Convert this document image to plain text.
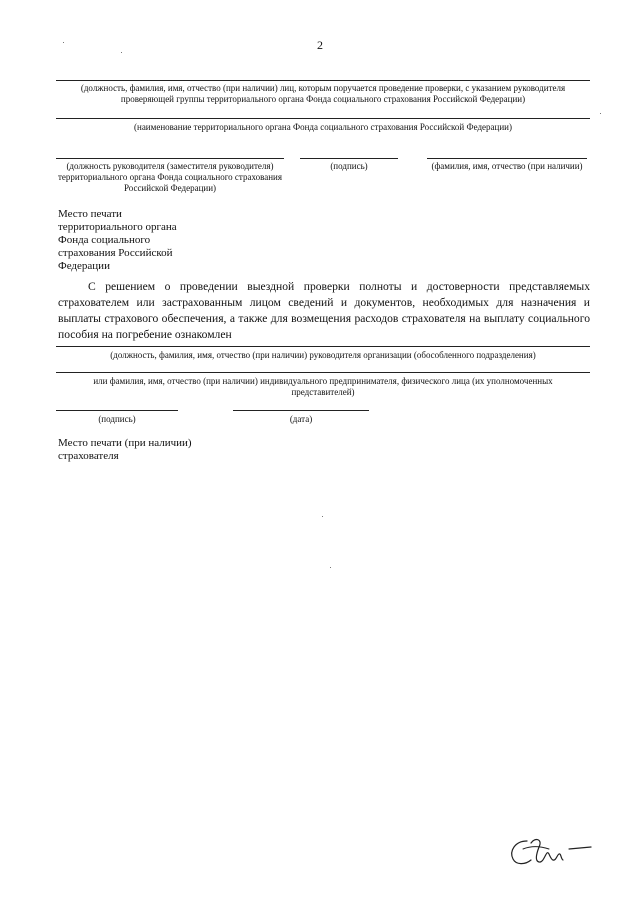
2
(должность, фамилия, имя, отчество (при наличии) лиц, которым поручается проведение проверки, с указанием руководителя проверяющей группы территориального органа Фонда социального страхования Российской Федерации)
(наименование территориального органа Фонда социального страхования Российской Федерации)
(должность руководителя (заместителя руководителя) территориального органа Фонда социального страхования Российской Федерации)
(подпись)	(фамилия, имя, отчество (при наличии)
Место печати
территориального органа
Фонда социального
страхования Российской
Федерации
С решением о проведении выездной проверки полноты и достоверности представляемых страхователем или застрахованным лицом сведений и документов, необходимых для назначения и выплаты страхового обеспечения, а также для возмещения расходов страхователя на выплату социального пособия на погребение ознакомлен
(должность, фамилия, имя, отчество (при наличии) руководителя организации (обособленного подразделения)
или фамилия, имя, отчество (при наличии) индивидуального предпринимателя, физического лица (их уполномоченных представителей)
(подпись)	(дата)
Место печати (при наличии)
страхователя
